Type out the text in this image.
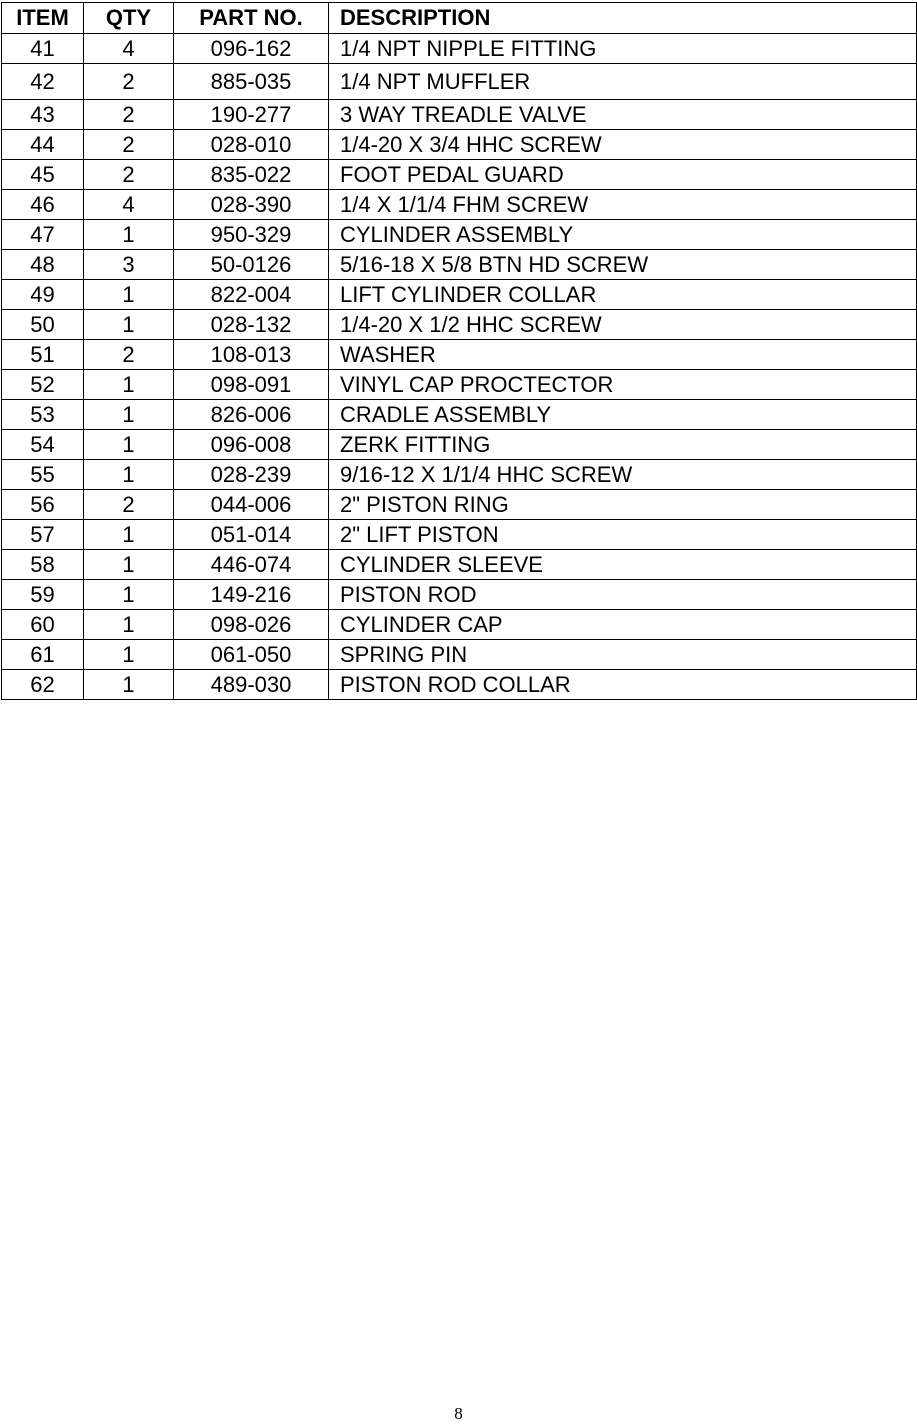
ITEM	QTY	PART NO.	DESCRIPTION
41	4	096-162	1/4 NPT NIPPLE FITTING
42	2	885-035	1/4 NPT MUFFLER
43	2	190-277	3 WAY TREADLE VALVE
44	2	028-010	1/4-20 X 3/4 HHC SCREW
45	2	835-022	FOOT PEDAL GUARD
46	4	028-390	1/4 X 1/1/4 FHM SCREW
47	1	950-329	CYLINDER ASSEMBLY
48	3	50-0126	5/16-18 X 5/8 BTN HD SCREW
49	1	822-004	LIFT CYLINDER COLLAR
50	1	028-132	1/4-20 X 1/2 HHC SCREW
51	2	108-013	WASHER
52	1	098-091	VINYL CAP PROCTECTOR
53	1	826-006	CRADLE ASSEMBLY
54	1	096-008	ZERK FITTING
55	1	028-239	9/16-12 X 1/1/4 HHC SCREW
56	2	044-006	2" PISTON RING
57	1	051-014	2" LIFT PISTON
58	1	446-074	CYLINDER SLEEVE
59	1	149-216	PISTON ROD
60	1	098-026	CYLINDER CAP
61	1	061-050	SPRING PIN
62	1	489-030	PISTON ROD COLLAR
8
